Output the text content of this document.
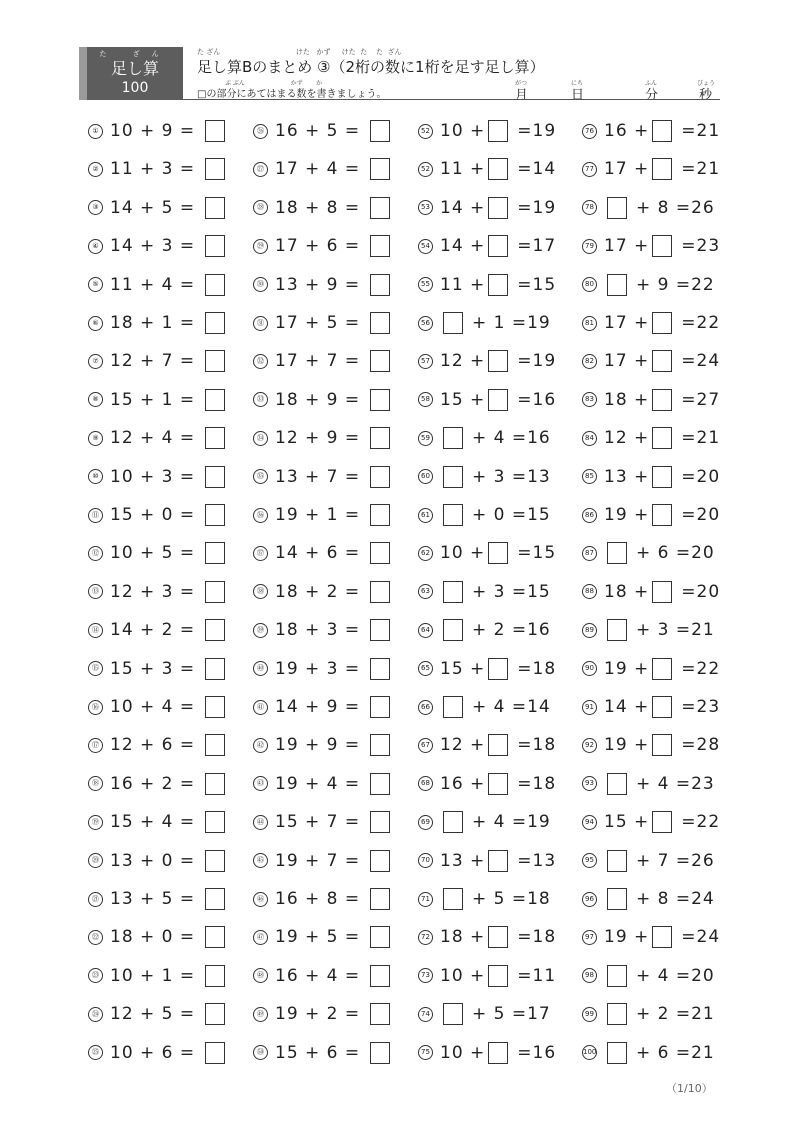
た ざん
足し算
100
た ざん                                  けた   かず     けた  た    た  ざん
足し算Bのまとめ ③（2桁の数に1桁を足す足し算）
ぶ ぶん                        かず       か
□の部分にあてはまる数を書きましょう。
がつ
月
にち
日
ふん
分
びょう
秒
① 10 + 9 =
② 11 + 3 =
③ 14 + 5 =
④ 14 + 3 =
⑤ 11 + 4 =
⑥ 18 + 1 =
⑦ 12 + 7 =
⑧ 15 + 1 =
⑨ 12 + 4 =
⑩ 10 + 3 =
⑪ 15 + 0 =
⑫ 10 + 5 =
⑬ 12 + 3 =
⑭ 14 + 2 =
⑮ 15 + 3 =
⑯ 10 + 4 =
⑰ 12 + 6 =
⑱ 16 + 2 =
⑲ 15 + 4 =
⑳ 13 + 0 =
㉑ 13 + 5 =
㉒ 18 + 0 =
㉓ 10 + 1 =
㉔ 12 + 5 =
㉕ 10 + 6 =
㉖ 16 + 5 =
㉗ 17 + 4 =
㉘ 18 + 8 =
㉙ 17 + 6 =
㉚ 13 + 9 =
㉛ 17 + 5 =
㉜ 17 + 7 =
㉝ 18 + 9 =
㉞ 12 + 9 =
㉟ 13 + 7 =
㊱ 19 + 1 =
㊲ 14 + 6 =
㊳ 18 + 2 =
㊴ 18 + 3 =
㊵ 19 + 3 =
㊶ 14 + 9 =
㊷ 19 + 9 =
㊸ 19 + 4 =
㊹ 15 + 7 =
㊺ 19 + 7 =
㊻ 16 + 8 =
㊼ 19 + 5 =
㊽ 16 + 4 =
㊾ 19 + 2 =
㊿ 15 + 6 =
52 10 + =19
52 11 + =14
53 14 + =19
54 14 + =17
55 11 + =15
56 + 1 =19
57 12 + =19
58 15 + =16
59 + 4 =16
60 + 3 =13
61 + 0 =15
62 10 + =15
63 + 3 =15
64 + 2 =16
65 15 + =18
66 + 4 =14
67 12 + =18
68 16 + =18
69 + 4 =19
70 13 + =13
71 + 5 =18
72 18 + =18
73 10 + =11
74 + 5 =17
75 10 + =16
76 16 + =21
77 17 + =21
78 + 8 =26
79 17 + =23
80 + 9 =22
81 17 + =22
82 17 + =24
83 18 + =27
84 12 + =21
85 13 + =20
86 19 + =20
87 + 6 =20
88 18 + =20
89 + 3 =21
90 19 + =22
91 14 + =23
92 19 + =28
93 + 4 =23
94 15 + =22
95 + 7 =26
96 + 8 =24
97 19 + =24
98 + 4 =20
99 + 2 =21
100 + 6 =21
（1/10）
